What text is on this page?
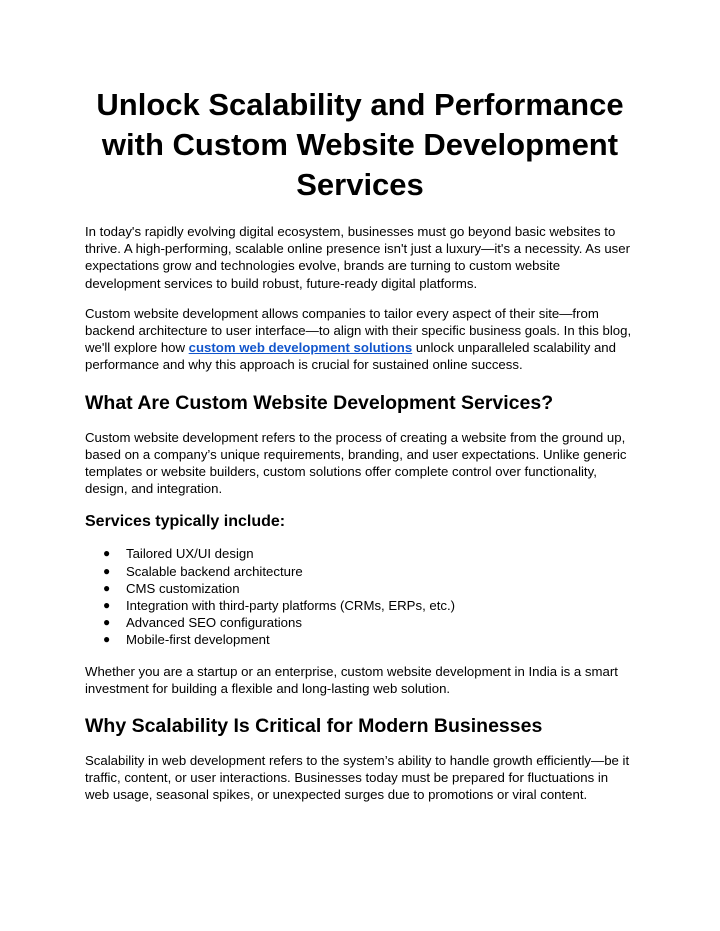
Unlock Scalability and Performance with Custom Website Development Services

In today's rapidly evolving digital ecosystem, businesses must go beyond basic websites to thrive. A high-performing, scalable online presence isn't just a luxury—it's a necessity. As user expectations grow and technologies evolve, brands are turning to custom website development services to build robust, future-ready digital platforms.

Custom website development allows companies to tailor every aspect of their site—from backend architecture to user interface—to align with their specific business goals. In this blog, we'll explore how custom web development solutions unlock unparalleled scalability and performance and why this approach is crucial for sustained online success.

What Are Custom Website Development Services?

Custom website development refers to the process of creating a website from the ground up, based on a company’s unique requirements, branding, and user expectations. Unlike generic templates or website builders, custom solutions offer complete control over functionality, design, and integration.

Services typically include:
● Tailored UX/UI design
● Scalable backend architecture
● CMS customization
● Integration with third-party platforms (CRMs, ERPs, etc.)
● Advanced SEO configurations
● Mobile-first development

Whether you are a startup or an enterprise, custom website development in India is a smart investment for building a flexible and long-lasting web solution.

Why Scalability Is Critical for Modern Businesses

Scalability in web development refers to the system’s ability to handle growth efficiently—be it traffic, content, or user interactions. Businesses today must be prepared for fluctuations in web usage, seasonal spikes, or unexpected surges due to promotions or viral content.
